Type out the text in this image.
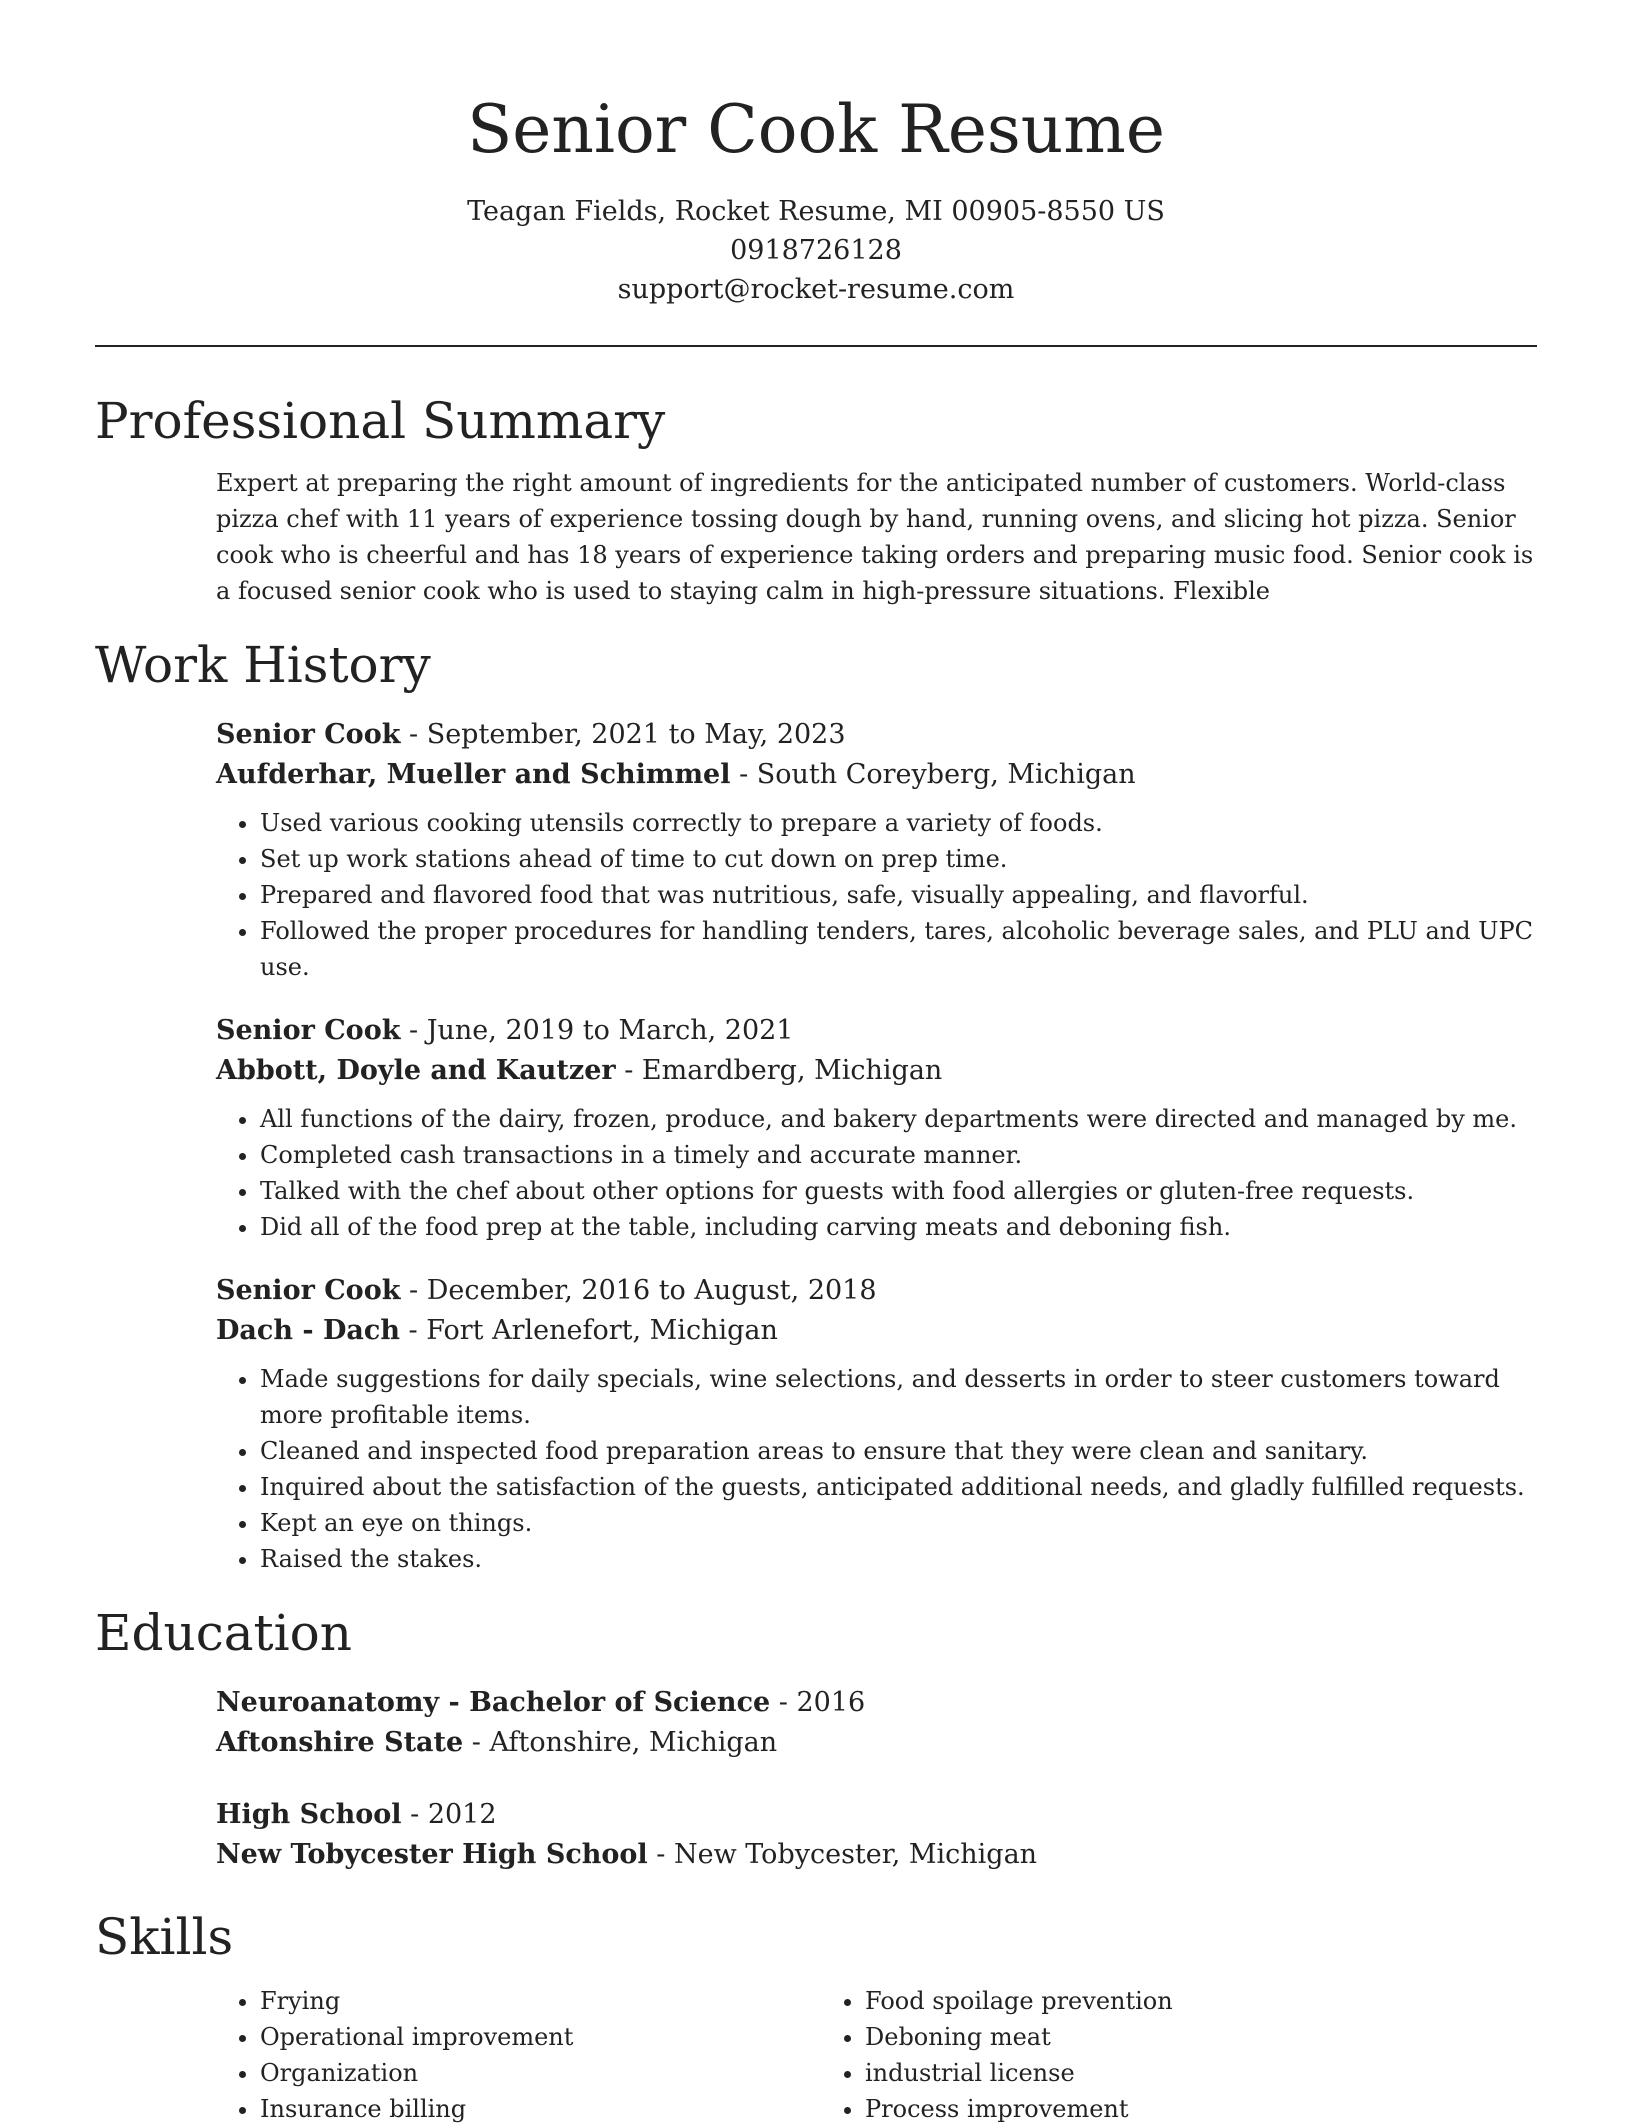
Senior Cook Resume
Teagan Fields, Rocket Resume, MI 00905-8550 US
0918726128
support@rocket-resume.com
Professional Summary
Expert at preparing the right amount of ingredients for the anticipated number of customers. World-class pizza chef with 11 years of experience tossing dough by hand, running ovens, and slicing hot pizza. Senior cook who is cheerful and has 18 years of experience taking orders and preparing music food. Senior cook is a focused senior cook who is used to staying calm in high-pressure situations. Flexible
Work History
Senior Cook - September, 2021 to May, 2023
Aufderhar, Mueller and Schimmel - South Coreyberg, Michigan
• Used various cooking utensils correctly to prepare a variety of foods.
• Set up work stations ahead of time to cut down on prep time.
• Prepared and flavored food that was nutritious, safe, visually appealing, and flavorful.
• Followed the proper procedures for handling tenders, tares, alcoholic beverage sales, and PLU and UPC use.
Senior Cook - June, 2019 to March, 2021
Abbott, Doyle and Kautzer - Emardberg, Michigan
• All functions of the dairy, frozen, produce, and bakery departments were directed and managed by me.
• Completed cash transactions in a timely and accurate manner.
• Talked with the chef about other options for guests with food allergies or gluten-free requests.
• Did all of the food prep at the table, including carving meats and deboning fish.
Senior Cook - December, 2016 to August, 2018
Dach - Dach - Fort Arlenefort, Michigan
• Made suggestions for daily specials, wine selections, and desserts in order to steer customers toward more profitable items.
• Cleaned and inspected food preparation areas to ensure that they were clean and sanitary.
• Inquired about the satisfaction of the guests, anticipated additional needs, and gladly fulfilled requests.
• Kept an eye on things.
• Raised the stakes.
Education
Neuroanatomy - Bachelor of Science - 2016
Aftonshire State - Aftonshire, Michigan
High School - 2012
New Tobycester High School - New Tobycester, Michigan
Skills
• Frying
• Operational improvement
• Organization
• Insurance billing
• Food spoilage prevention
• Deboning meat
• industrial license
• Process improvement
